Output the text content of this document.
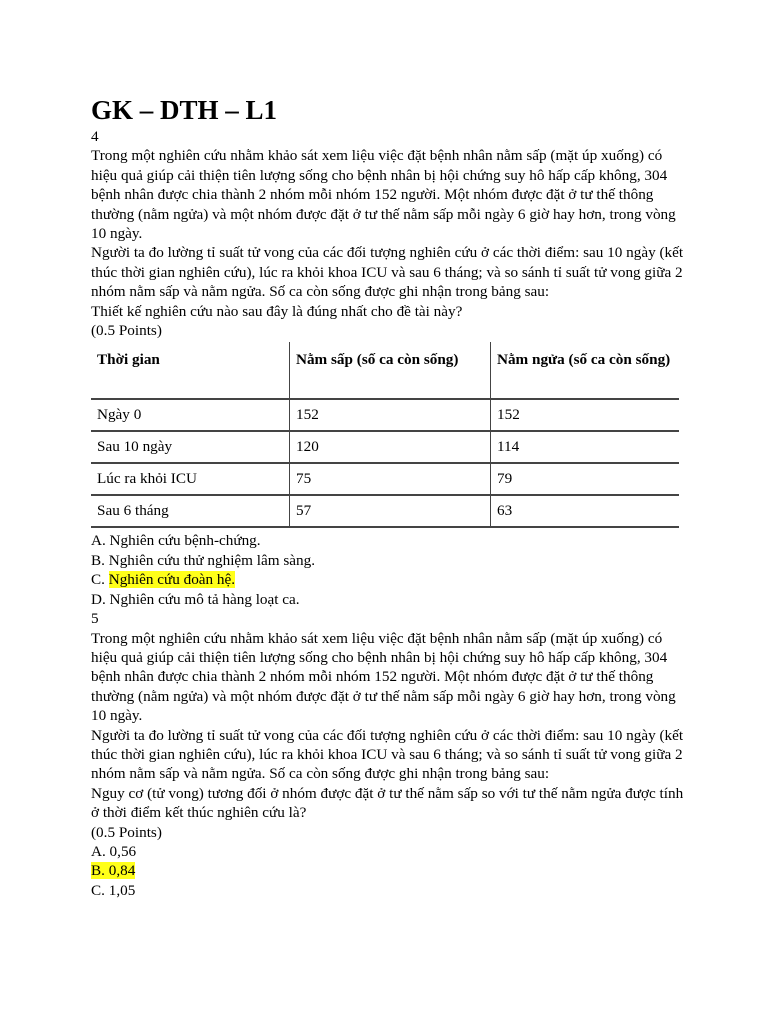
GK – DTH – L1

4

Trong một nghiên cứu nhằm khảo sát xem liệu việc đặt bệnh nhân nằm sấp (mặt úp xuống) có hiệu quả giúp cải thiện tiên lượng sống cho bệnh nhân bị hội chứng suy hô hấp cấp không, 304 bệnh nhân được chia thành 2 nhóm mỗi nhóm 152 người. Một nhóm được đặt ở tư thế thông thường (nằm ngửa) và một nhóm được đặt ở tư thế nằm sấp mỗi ngày 6 giờ hay hơn, trong vòng 10 ngày.

Người ta đo lường tỉ suất tử vong của các đối tượng nghiên cứu ở các thời điểm: sau 10 ngày (kết thúc thời gian nghiên cứu), lúc ra khỏi khoa ICU và sau 6 tháng; và so sánh tỉ suất tử vong giữa 2 nhóm nằm sấp và nằm ngửa. Số ca còn sống được ghi nhận trong bảng sau:

Thiết kế nghiên cứu nào sau đây là đúng nhất cho đề tài này?

(0.5 Points)

Thời gian	Nằm sấp (số ca còn sống)	Nằm ngửa (số ca còn sống)
Ngày 0	152	152
Sau 10 ngày	120	114
Lúc ra khỏi ICU	75	79
Sau 6 tháng	57	63

A. Nghiên cứu bệnh-chứng.

B. Nghiên cứu thử nghiệm lâm sàng.

C. Nghiên cứu đoàn hệ.

D. Nghiên cứu mô tả hàng loạt ca.

5

Trong một nghiên cứu nhằm khảo sát xem liệu việc đặt bệnh nhân nằm sấp (mặt úp xuống) có hiệu quả giúp cải thiện tiên lượng sống cho bệnh nhân bị hội chứng suy hô hấp cấp không, 304 bệnh nhân được chia thành 2 nhóm mỗi nhóm 152 người. Một nhóm được đặt ở tư thế thông thường (nằm ngửa) và một nhóm được đặt ở tư thế nằm sấp mỗi ngày 6 giờ hay hơn, trong vòng 10 ngày.

Người ta đo lường tỉ suất tử vong của các đối tượng nghiên cứu ở các thời điểm: sau 10 ngày (kết thúc thời gian nghiên cứu), lúc ra khỏi khoa ICU và sau 6 tháng; và so sánh tỉ suất tử vong giữa 2 nhóm nằm sấp và nằm ngửa. Số ca còn sống được ghi nhận trong bảng sau:

Nguy cơ (tử vong) tương đối ở nhóm được đặt ở tư thế nằm sấp so với tư thế nằm ngửa được tính ở thời điểm kết thúc nghiên cứu là?

(0.5 Points)

A. 0,56

B. 0,84

C. 1,05
